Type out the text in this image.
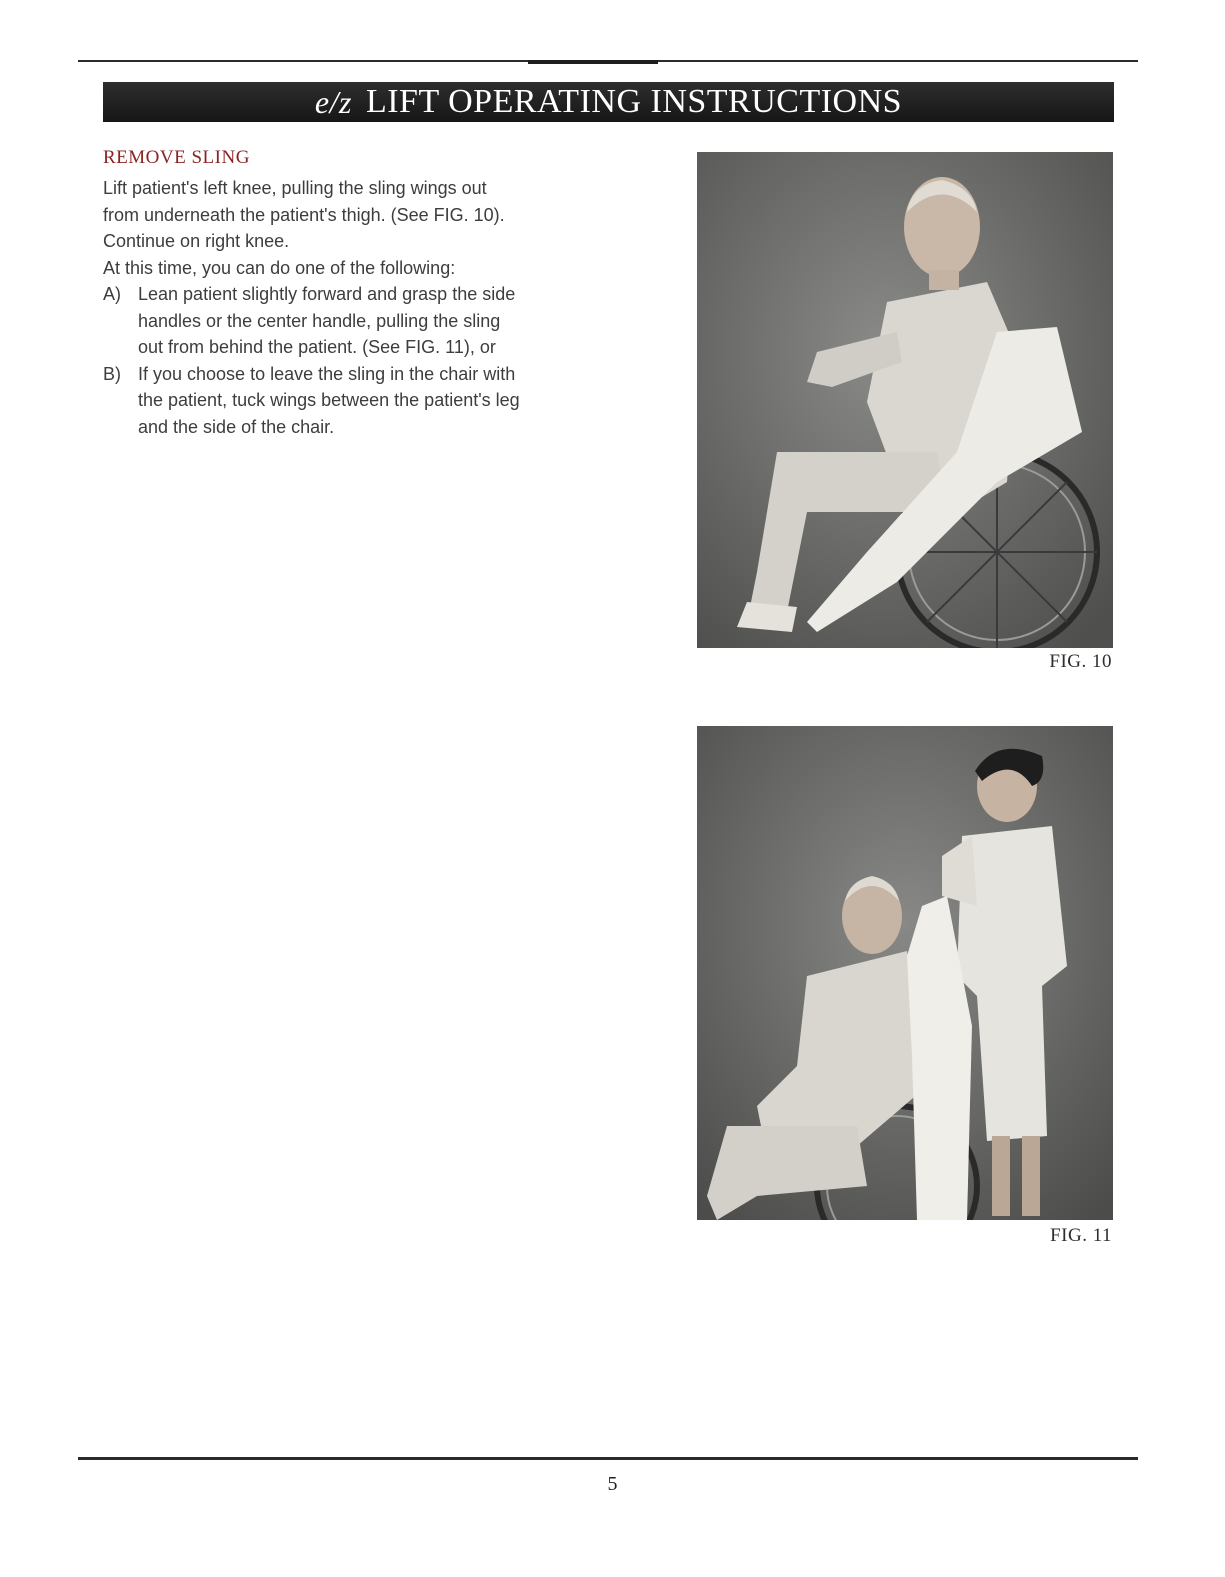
e/z LIFT OPERATING INSTRUCTIONS
REMOVE SLING

Lift patient's left knee, pulling the sling wings out

from underneath the patient's thigh. (See FIG. 10).

Continue on right knee.

At this time, you can do one of the following:

A) Lean patient slightly forward and grasp the side
handles or the center handle, pulling the sling
out from behind the patient. (See FIG. 11), or
B) If you choose to leave the sling in the chair with
the patient, tuck wings between the patient's leg
and the side of the chair.
FIG. 10
FIG. 11
5
